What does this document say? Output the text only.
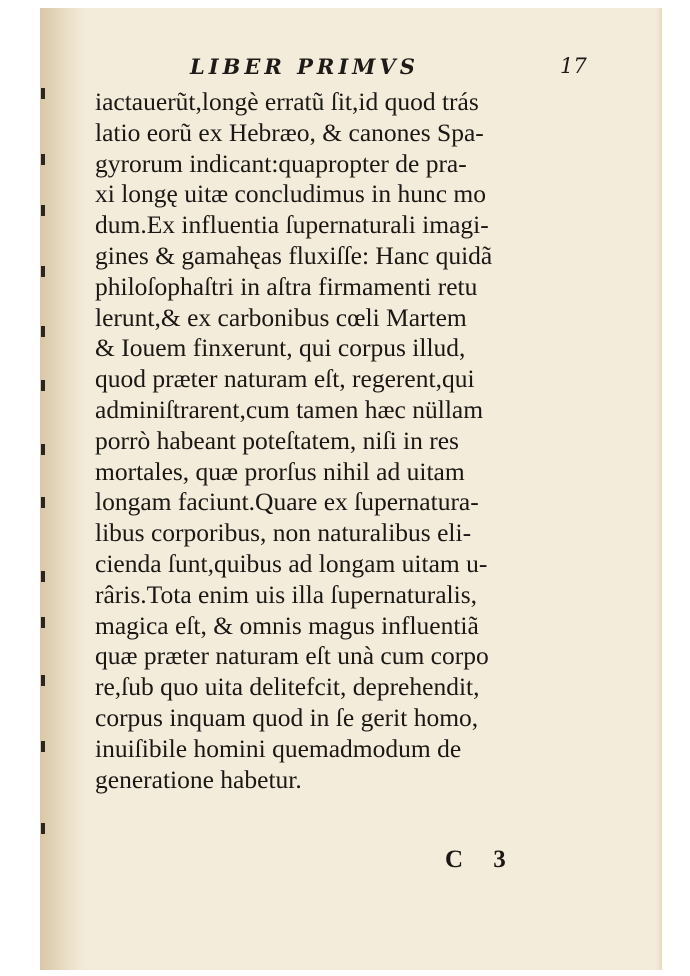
LIBER PRIMVS	17
iactauerũt,longè erratũ ſit,id quod trás
latio eorũ ex Hebræo, & canones Spa-
gyrorum indicant:quapropter de pra-
xi longę uitæ concludimus in hunc mo
dum.Ex influentia ſupernaturali imagi-
gines & gamahęas fluxiſſe: Hanc quidã
philoſophaſtri in aſtra firmamenti retu
lerunt,& ex carbonibus cœli Martem
& Iouem finxerunt, qui corpus illud,
quod præter naturam eſt, regerent,qui
adminiſtrarent,cum tamen hæc nüllam
porrò habeant poteſtatem, niſi in res
mortales, quæ prorſus nihil ad uitam
longam faciunt.Quare ex ſupernatura-
libus corporibus, non naturalibus eli-
cienda ſunt,quibus ad longam uitam u-
râris.Tota enim uis illa ſupernaturalis,
magica eſt, & omnis magus influentiã
quæ præter naturam eſt unà cum corpo
re,ſub quo uita delitefcit, deprehendit,
corpus inquam quod in ſe gerit homo,
inuiſibile homini quemadmodum de
generatione habetur.
C 3
